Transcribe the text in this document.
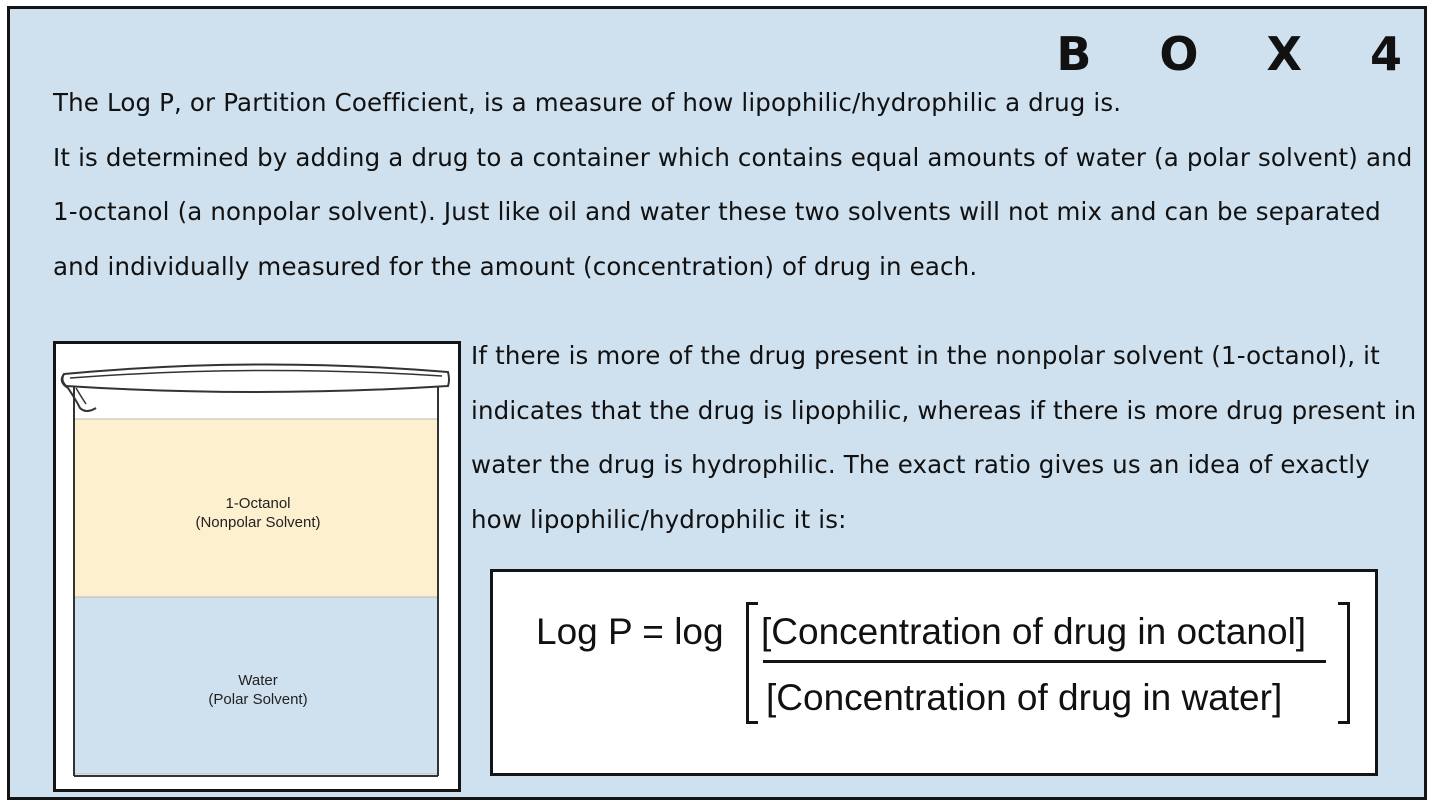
B O X 4

The Log P, or Partition Coefficient, is a measure of how lipophilic/hydrophilic a drug is.

It is determined by adding a drug to a container which contains equal amounts of water (a polar solvent) and 1-octanol (a nonpolar solvent). Just like oil and water these two solvents will not mix and can be separated and individually measured for the amount (concentration) of drug in each.

1-Octanol
(Nonpolar Solvent)
Water
(Polar Solvent)

If there is more of the drug present in the nonpolar solvent (1-octanol), it indicates that the drug is lipophilic, whereas if there is more drug present in water the drug is hydrophilic. The exact ratio gives us an idea of exactly how lipophilic/hydrophilic it is:

Log P = log [Concentration of drug in octanol]
[Concentration of drug in water]
